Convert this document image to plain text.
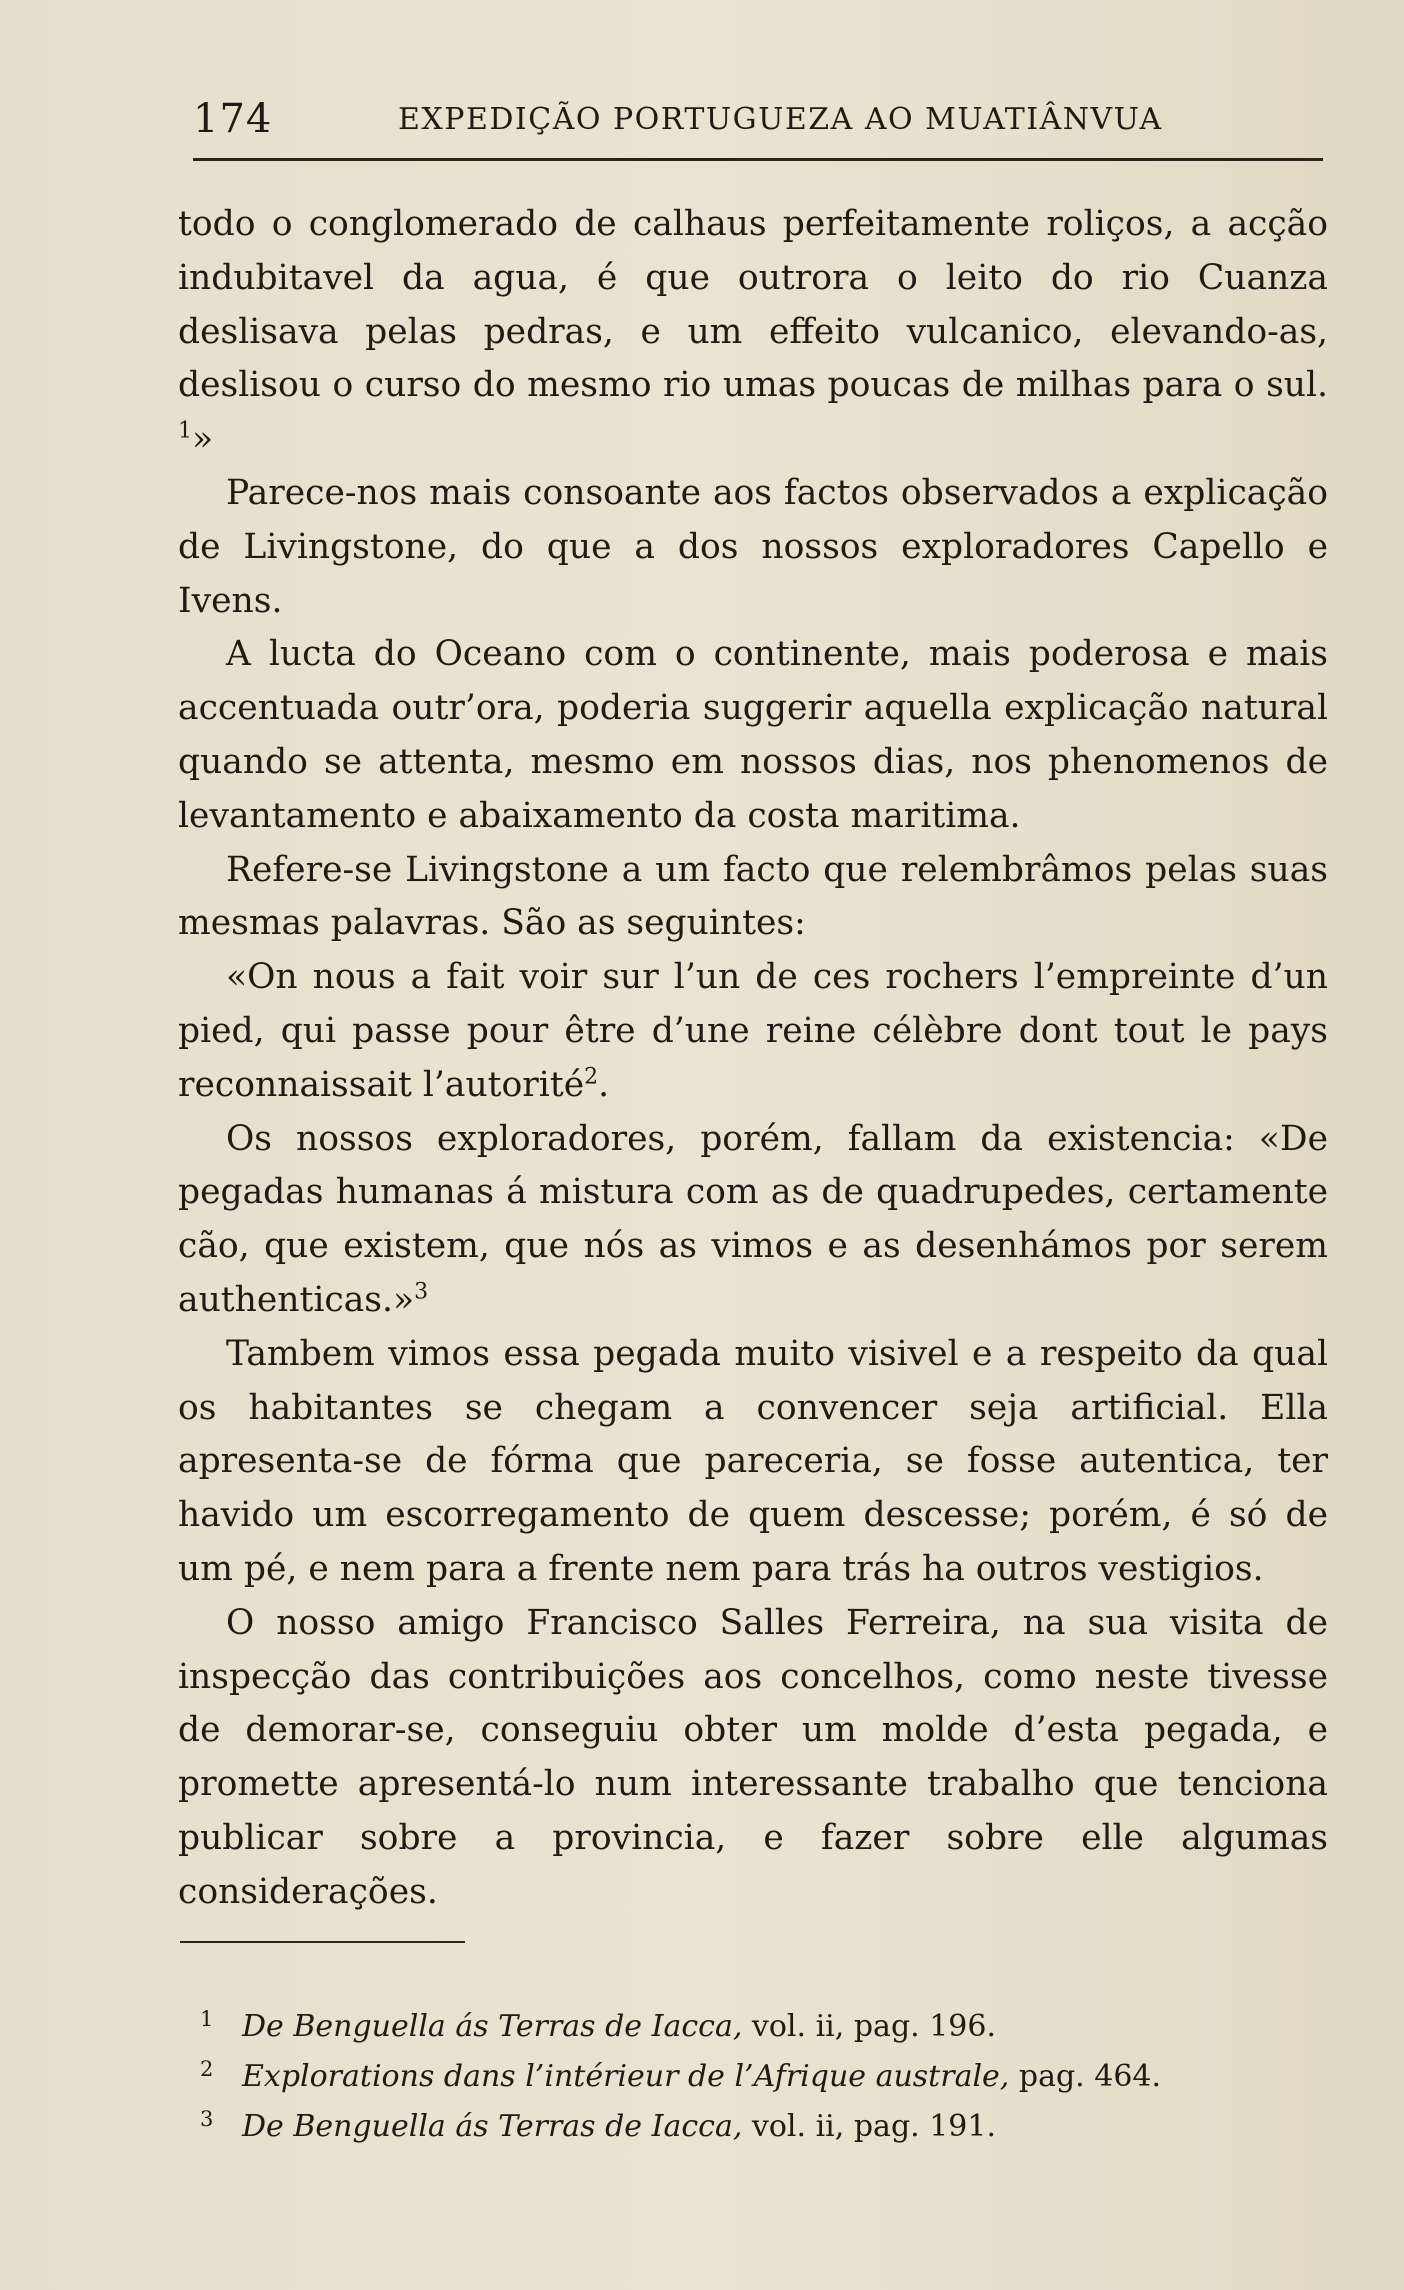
174	EXPEDIÇÃO PORTUGUEZA AO MUATIÂNVUA

todo o conglomerado de calhaus perfeitamente roliços, a acção indubitavel da agua, é que outrora o leito do rio Cuanza deslisava pelas pedras, e um effeito vulcanico, elevando-as, deslisou o curso do mesmo rio umas poucas de milhas para o sul. $^1$»

Parece-nos mais consoante aos factos observados a explicação de Livingstone, do que a dos nossos exploradores Capello e Ivens.

A lucta do Oceano com o continente, mais poderosa e mais accentuada outr’ora, poderia suggerir aquella explicação natural quando se attenta, mesmo em nossos dias, nos phenomenos de levantamento e abaixamento da costa maritima.

Refere-se Livingstone a um facto que relembrâmos pelas suas mesmas palavras. São as seguintes:

«On nous a fait voir sur l’un de ces rochers l’empreinte d’un pied, qui passe pour être d’une reine célèbre dont tout le pays reconnaissait l’autorité$^2$.

Os nossos exploradores, porém, fallam da existencia: «De pegadas humanas á mistura com as de quadrupedes, certamente cão, que existem, que nós as vimos e as desenhámos por serem authenticas.»$^3$

Tambem vimos essa pegada muito visivel e a respeito da qual os habitantes se chegam a convencer seja artificial. Ella apresenta-se de fórma que pareceria, se fosse autentica, ter havido um escorregamento de quem descesse; porém, é só de um pé, e nem para a frente nem para trás ha outros vestigios.

O nosso amigo Francisco Salles Ferreira, na sua visita de inspecção das contribuições aos concelhos, como neste tivesse de demorar-se, conseguiu obter um molde d’esta pegada, e promette apresentá-lo num interessante trabalho que tenciona publicar sobre a provincia, e fazer sobre elle algumas considerações.

1 De Benguella ás Terras de Iacca, vol. ii, pag. 196.

2 Explorations dans l’intérieur de l’Afrique australe, pag. 464.

3 De Benguella ás Terras de Iacca, vol. ii, pag. 191.
